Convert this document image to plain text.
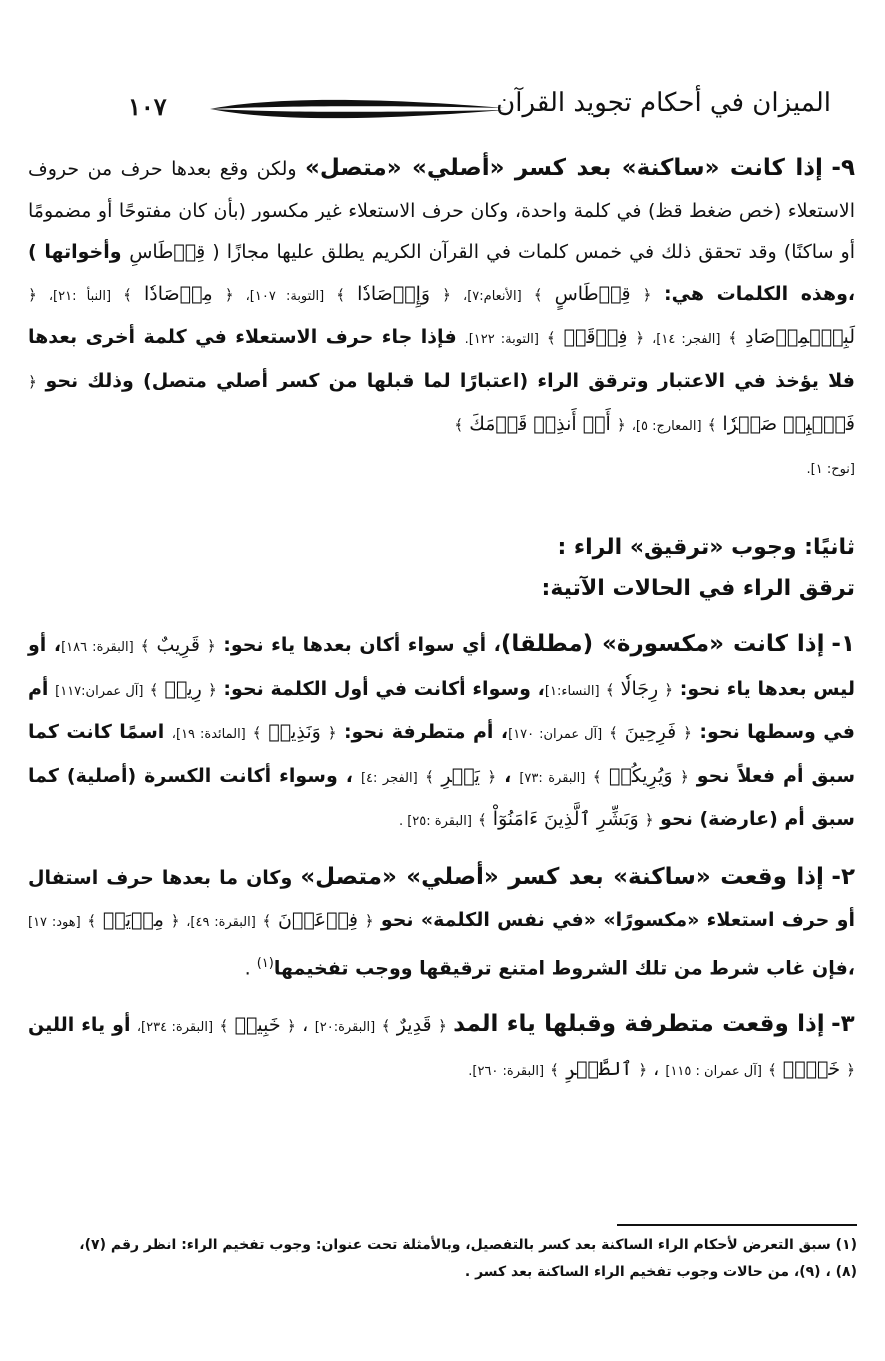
١٠٧	الميزان في أحكام تجويد القرآن

٩- إذا كانت «ساكنة» بعد كسر «أصلي» «متصل» ولكن وقع بعدها حرف من حروف الاستعلاء (خص ضغط قظ) في كلمة واحدة، وكان حرف الاستعلاء غير مكسور (بأن كان مفتوحًا أو مضمومًا أو ساكنًا) وقد تحقق ذلك في خمس كلمات في القرآن الكريم يطلق عليها مجازًا ( قِرۡطَاسِ وأخواتها ) ،وهذه الكلمات هي: ﴿ قِرۡطَاسٍ ﴾ [الأنعام:٧]، ﴿ وَإِرۡصَادٗا ﴾ [التوبة: ١٠٧]، ﴿ مِرۡصَادٗا ﴾ [النبأ :٢١]، ﴿ لَبِٱلۡمِرۡصَادِ ﴾ [الفجر: ١٤]، ﴿ فِرۡقَةٖ ﴾ [التوبة: ١٢٢]. فإذا جاء حرف الاستعلاء في كلمة أخرى بعدها فلا يؤخذ في الاعتبار وترقق الراء (اعتبارًا لما قبلها من كسر أصلي متصل) وذلك نحو ﴿ فَٱصۡبِرۡ صَبۡرٗا ﴾ [المعارج: ٥]، ﴿ أَنۡ أَنذِرۡ قَوۡمَكَ ﴾
[نوح: ١].

ثانيًا: وجوب «ترقيق» الراء :

ترقق الراء في الحالات الآتية:

١- إذا كانت «مكسورة» (مطلقا)، أي سواء أكان بعدها ياء نحو: ﴿ قَرِيبٌ ﴾ [البقرة: ١٨٦]، أو ليس بعدها ياء نحو: ﴿ رِجَالٗا ﴾ [النساء:١]، وسواء أكانت في أول الكلمة نحو: ﴿ رِيحٖ ﴾ [آل عمران:١١٧] أم في وسطها نحو: ﴿ فَرِحِينَ ﴾ [آل عمران: ١٧٠]، أم متطرفة نحو: ﴿ وَنَذِيرٞ ﴾ [المائدة: ١٩]، اسمًا كانت كما سبق أم فعلاً نحو ﴿ وَيُرِيكُمۡ ﴾ [البقرة :٧٣] ، ﴿ يَسۡرِ ﴾ [الفجر :٤] ، وسواء أكانت الكسرة (أصلية) كما سبق أم (عارضة) نحو ﴿ وَبَشِّرِ ٱلَّذِينَ ءَامَنُوٓاْ ﴾ [البقرة :٢٥] .

٢- إذا وقعت «ساكنة» بعد كسر «أصلي» «متصل» وكان ما بعدها حرف استفال أو حرف استعلاء «مكسورًا» «في نفس الكلمة» نحو ﴿ فِرۡعَوۡنَ ﴾ [البقرة: ٤٩]، ﴿ مِرۡيَةٖ ﴾ [هود: ١٧] ،فإن غاب شرط من تلك الشروط امتنع ترقيقها ووجب تفخيمها$^{(١)}$ .

٣- إذا وقعت متطرفة وقبلها ياء المد ﴿ قَدِيرٌ ﴾ [البقرة:٢٠] ، ﴿ خَبِيرٞ ﴾ [البقرة: ٢٣٤]، أو ياء اللين ﴿ خَيۡرٖ ﴾ [آل عمران : ١١٥] ، ﴿ ٱلطَّيۡرِ ﴾ [البقرة: ٢٦٠].

(١) سبق التعرض لأحكام الراء الساكنة بعد كسر بالتفصيل، وبالأمثلة تحت عنوان: وجوب تفخيم الراء: انظر رقم (٧)،

(٨) ، (٩)، من حالات وجوب تفخيم الراء الساكنة بعد كسر .
